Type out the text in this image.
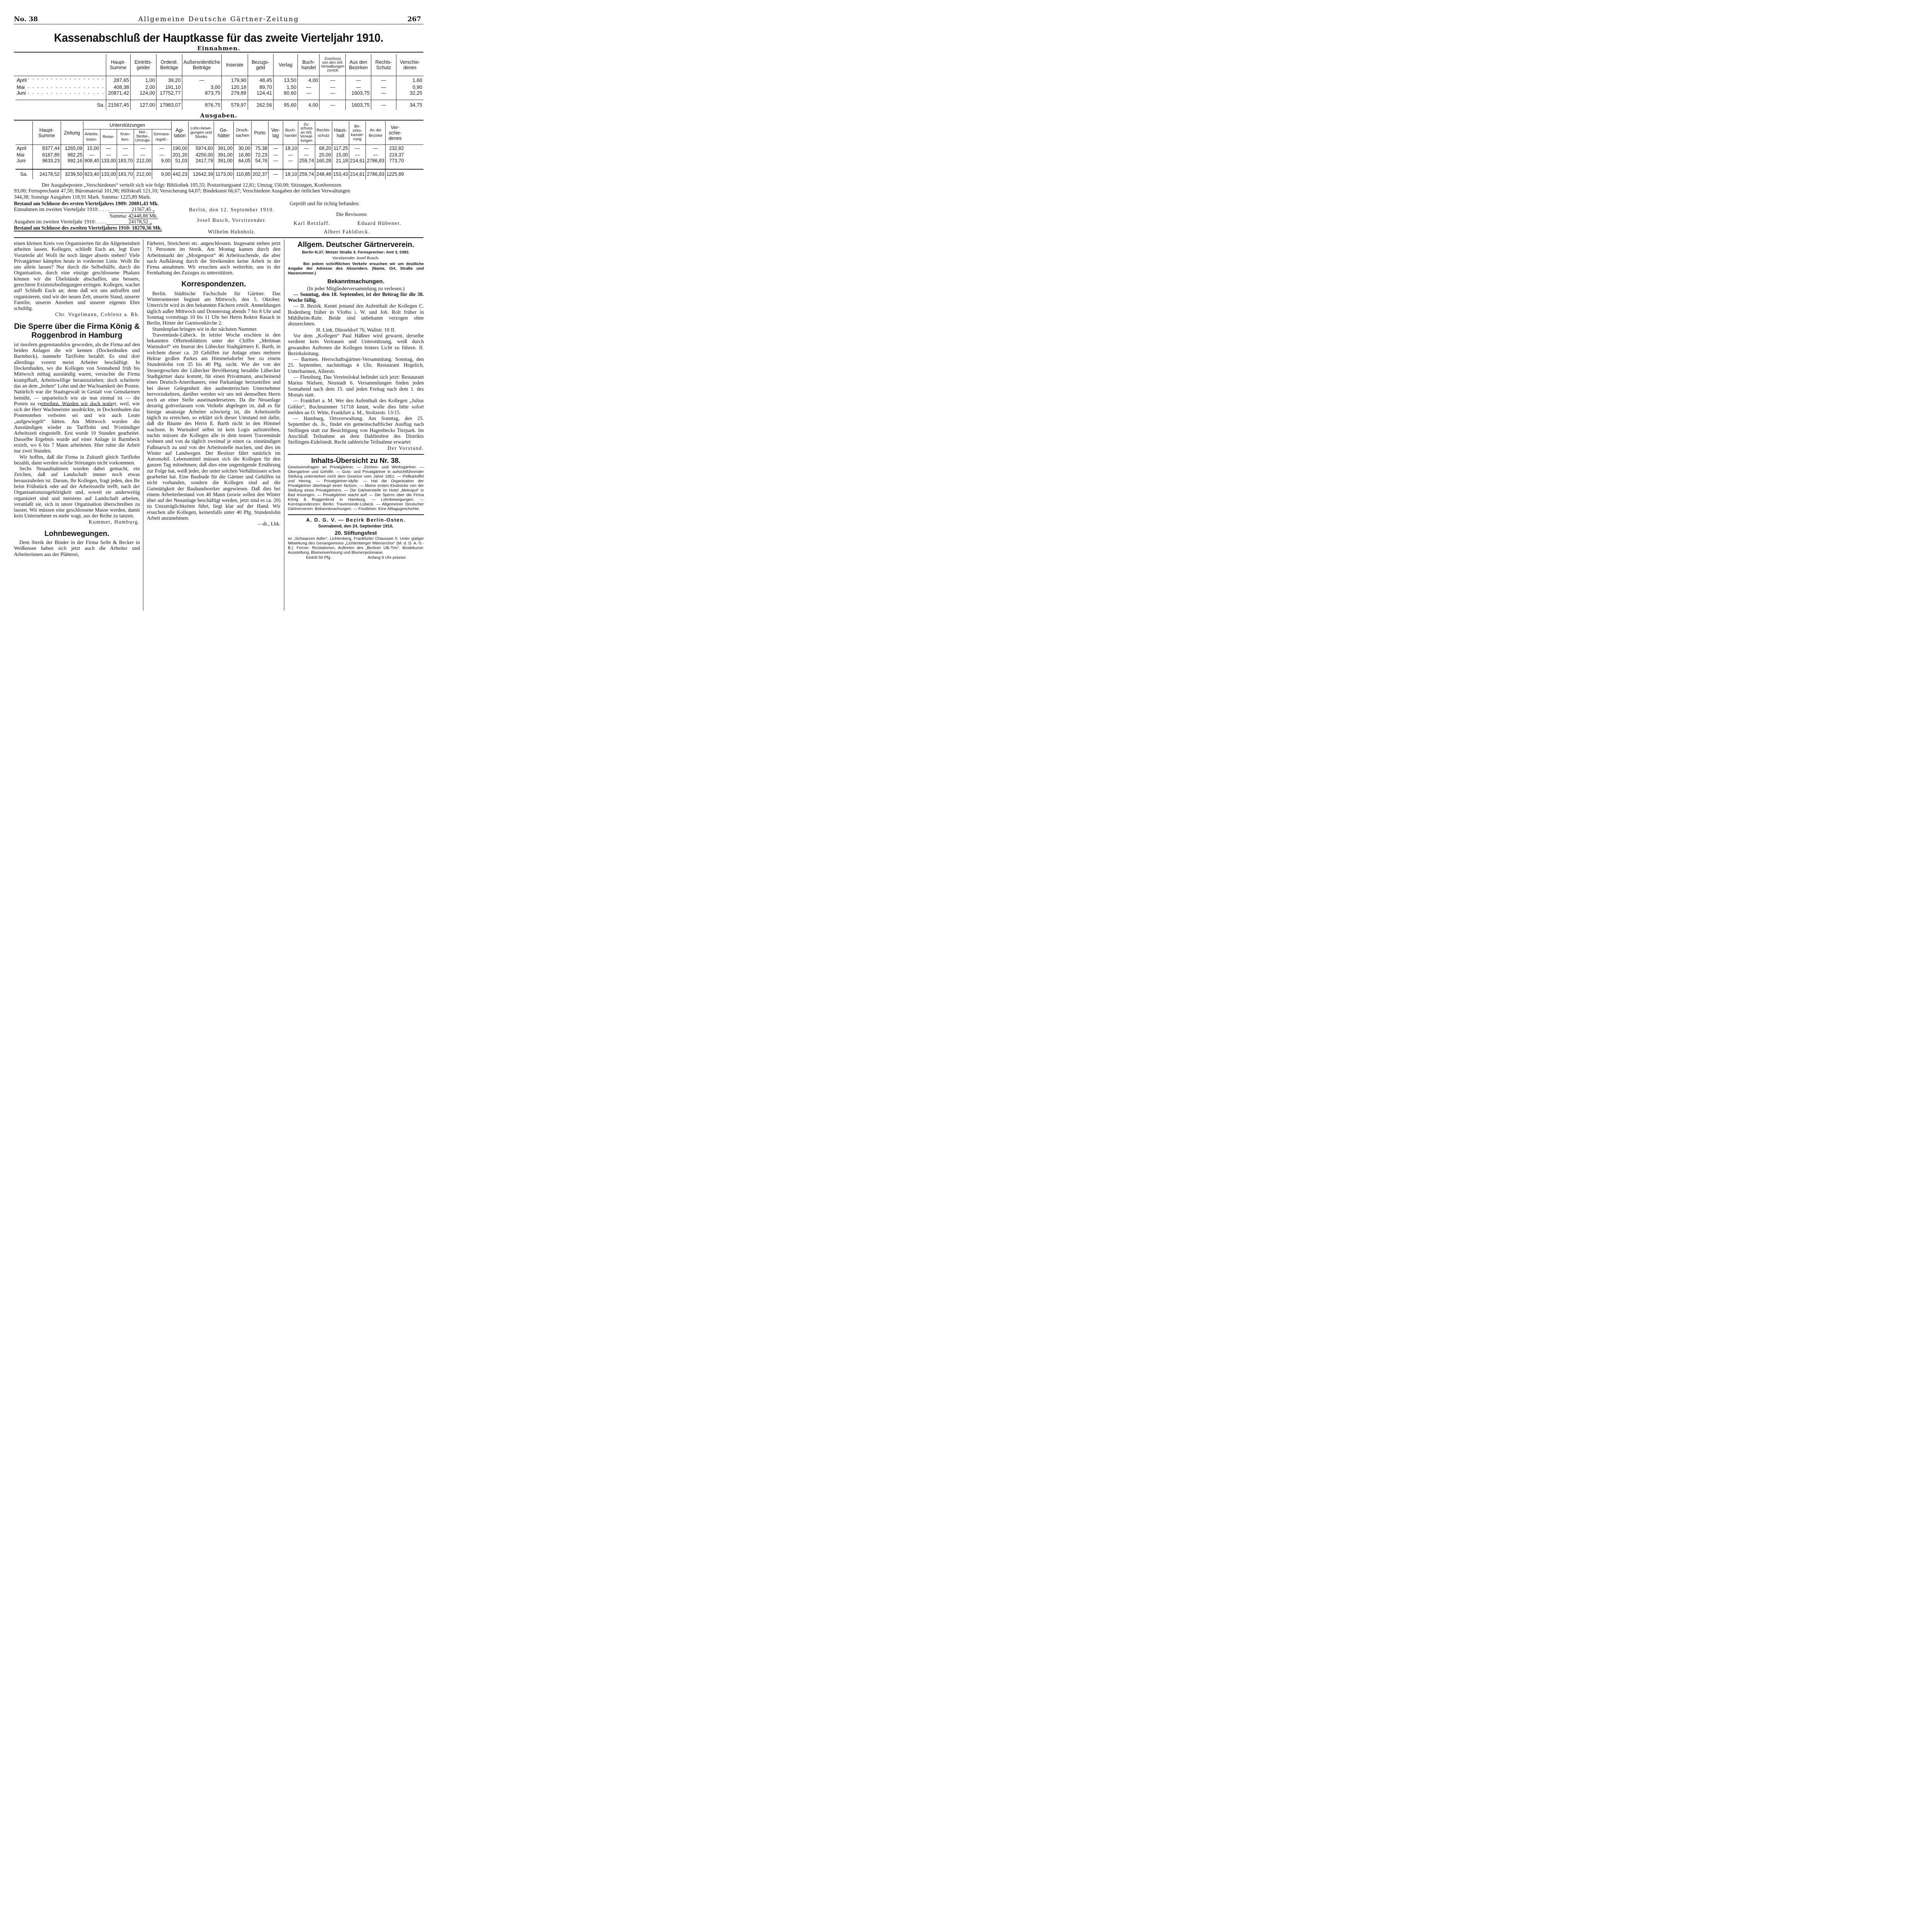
No. 38	Allgemeine Deutsche Gärtner-Zeitung	267
Kassenabschluß der Hauptkasse für das zweite Vierteljahr 1910.
Einnahmen.
	Haupt-Summe	Eintritts-gelder	Ordentl. Beiträge	Außerordentliche Beiträge	Inserate	Bezugs-geld	Verlag	Buch-handel	Zuschuss von den örtl. Verwaltungen zurück	Aus den Bezirken	Rechts-Schutz	Verschie-denes
April	287,65	1,00	39,20	—	179,90	48,45	13,50	4,00	—	—	—	1,60
Mai	408,38	2,00	191,10	3,00	120,18	89,70	1,50	—	—	—	—	0,90
Juni	20871,42	124,00	17752,77	873,75	279,89	124,41	80,60	—	—	1603,75	—	32,25

Sa.	21567,45	127,00	17983,07	876,75	579,97	262,56	95,60	4,00	—	1603,75	—	34,75
Ausgaben.
	Haupt-Summe	Zeitung	Unterstützungen					Agi-tation	Lohn-bewe-gungen und Streiks	Ge-hälter	Druck-sachen	Porto	Ver-lag	Buch-handel	Zu-schuss an örtl. Verwal-tungen	Rechts-schutz	Haus-halt	Be-zirks-kassie-rung	An die Bezirke	Ver-schie-denes
			Arbeits-losen-	Reise-	Kran-ken-	Not-, Sterbe-, Umzugs-	Gemass-regelt.-													
April	8377,44	1265,09	15,00	—	—	—	—	190,00	5974,60	391,00	30,00	75,38	—	18,10	—	68,20	117,25	—	—	232,82
Mai	6167,85	982,25	—	—	—	—	—	201,20	4250,00	391,00	16,80	72,23	—	—	—	20,00	15,00	—	—	219,37
Juni	9633,23	992,16	908,40	133,00	183,70	212,00	9,00	51,03	2417,79	391,00	64,05	54,76	—	—	259,74	160,28	21,18	214,61	2786,83	773,70

Sa.	24178,52	3239,50	923,40	133,00	183,70	212,00	9,00	442,23	12642,39	1173,00	110,85	202,37	—	18,10	259,74	248,48	153,43	214,61	2786,83	1225,89
Der Ausgabeposten „Verschiedenes“ verteilt sich wie folgt: Bibliothek 105,55; Postzeitungsamt 12,81; Umzug 150,00; Sitzungen, Konferenzen
93,00; Fernsprechamt 47,50; Büromaterial 101,90; Hilfskraft 121,10; Versicherung 64,07; Bindekunst 66,67; Verschiedene Ausgaben der örtlichen Verwaltungen
344,38; Sonstige Ausgaben 118,91 Mark. Summa: 1225,89 Mark.
Bestand am Schlusse des ersten Vierteljahres 1909: 20881,43 Mk.
Einnahmen im zweiten Vierteljahr 1910: . . . .	21567,45 „
Summa: 42448,88 Mk.
Ausgaben im zweiten Vierteljahr 1910: . . . .	24178,52 „
Bestand am Schlusse des zweiten Vierteljahres 1910: 18270,36 Mk.
Berlin, den 12. September 1910.
Josef Busch, Vorsitzender.
Wilhelm Huhnholz.
Geprüft und für richtig befunden:
Die Revisoren:
Karl Retzlaff.	Eduard Hübener.
Albert Fahldieck.

einen kleinen Kreis von Organisierten für die Allgemeinheit arbeiten lassen. Kollegen, schließt Euch an, legt Eure Vorurteile ab! Wollt ihr noch länger abseits stehen? Viele Privatgärtner kämpfen heute in vorderster Linie. Wollt Ihr uns allein lassen? Nur durch die Selbsthülfe, durch die Organisation, durch eine einzige geschlossene Phalanx können wir die Übelstände abschaffen, uns bessere, gerechtere Existenzbedingungen erringen. Kollegen, wachet auf! Schließt Euch an; denn daß wir uns aufraffen und organisieren, sind wir der neuen Zeit, unserm Stand, unserer Familie, unserm Ansehen und unserer eigenen Ehre schuldig.

Chr. Vogelmann, Coblenz a. Rh.
Die Sperre über die Firma König & Roggenbrod in Hamburg

ist insofern gegenstandslos geworden, als die Firma auf den beiden Anlagen die wir kennen (Dockenhuden und Barmbeck), nunmehr Tariflohn bezahlt. Es sind dort allerdings vorerst meist Arbeiter beschäftigt. In Dockenhuden, wo die Kollegen von Sonnabend früh bis Mittwoch mittag ausständig waren, versuchte die Firma krampfhaft, Arbeitswillige heranzuziehen; doch scheiterte das an dem „hohen“ Lohn und der Wachsamkeit der Posten. Natürlich war die Staatsgewalt in Gestalt von Gensdarmen bemüht, — unparteiisch wie sie nun einmal ist — die Posten zu vertreiben. Wurden wir doch notiert, weil, wie sich der Herr Wachmeister ausdrückte, in Dockenhuden das Postenstehen verboten sei und wir auch Leute „aufgewiegelt“ hätten. Am Mittwoch wurden die Ausständigen wieder zu Tariflohn und 9½stündiger Arbeitszeit eingestellt. Erst wurde 10 Stunden gearbeitet. Dasselbe Ergebnis wurde auf einer Anlage in Barmbeck erzielt, wo 6 bis 7 Mann arbeiteten. Hier ruhte die Arbeit nur zwei Stunden.

Wir hoffen, daß die Firma in Zukunft gleich Tariflohn bezahlt, dann werden solche Störungen nicht vorkommen.

Sechs Neuaufnahmen wurden dabei gemacht, ein Zeichen, daß auf Landschaft immer noch etwas herauszuholen ist. Darum, Ihr Kollegen, fragt jeden, den Ihr beim Frühstück oder auf der Arbeitsstelle trefft, nach der Organisationszugehörigkeit und, soweit sie anderweitig organisiert sind und meistens auf Landschaft arbeiten, veranlaßt sie, sich in unsre Organisation überschreiben zu lassen. Wir müssen eine geschlossene Masse werden, damit kein Unternehmer es mehr wagt, aus der Reihe zu tanzen.

Kummer, Hamburg.
Lohnbewegungen.

Dem Streik der Binder in der Firma Seibt & Becker in Weißensee haben sich jetzt auch die Arbeiter und Arbeiterinnen aus der Plätterei,

Färberei, Streicherei etc. angeschlossen. Insgesamt stehen jetzt 71 Personen im Streik. Am Montag kamen durch den Arbeitsmarkt der „Morgenpost“ 46 Arbeitsuchende, die aber nach Aufklärung durch die Streikenden keine Arbeit in der Firma annahmen. Wir ersuchen auch weiterhin, uns in der Fernhaltung des Zuzuges zu unterstützen.

Korrespondenzen.

Berlin. Städtische Fachschule für Gärtner. Das Wintersemester beginnt am Mittwoch, den 5. Oktober. Unterricht wird in den bekannten Fächern erteilt. Anmeldungen täglich außer Mittwoch und Donnerstag abends 7 bis 8 Uhr und Sonntag vormittags 10 bis 11 Uhr bei Herrn Rektor Rasack in Berlin, Hinter der Garnisonkirche 2.

Stundenplan bringen wir in der nächsten Nummer.

Travemünde-Lübeck. In letzter Woche erschien in den bekannten Offertenblättern unter der Chiffre „Mettman Warnsdorf“ ein Inserat des Lübecker Stadtgärtners E. Barth, in welchem dieser ca. 20 Gehilfen zur Anlage eines mehrere Hektar großen Parkes am Himmelsdorfer See zu einem Stundenlohn von 35 bis 40 Pfg. sucht. Wie der von der Steuergroschen der Lübecker Bevölkerung bezahlte Lübecker Stadtgärtner dazu kommt, für einen Privatmann, anscheinend eines Deutsch-Amerikaners, eine Parkanlage herzustellen und bei dieser Gelegenheit den ausbeuterischen Unternehmer hervorzukehren, darüber werden wir uns mit demselben Herrn noch an einer Stelle auseinandersetzen. Da die Neuanlage derartig gottverlassen vom Verkehr abgelegen ist, daß es für hiesige ansässige Arbeiter schwierig ist, die Arbeitsstelle täglich zu erreichen, so erklärt sich dieser Umstand mit dafür, daß die Bäume des Herrn E. Barth nicht in den Himmel wachsen. In Warnsdorf selbst ist kein Logis aufzutreiben, nachts müssen die Kollegen alle in dem teuren Travemünde wohnen und von da täglich zweimal je einen ca. einstündigen Fußmarsch zu und von der Arbeitsstelle machen, und dies im Winter auf Landwegen. Der Besitzer fährt natürlich im Automobil. Lebensmittel müssen sich die Kollegen für den ganzen Tag mitnehmen; daß dies eine ungenügende Ernährung zur Folge hat, weiß jeder, der unter solchen Verhältnissen schon gearbeitet hat. Eine Baubude für die Gärtner und Gehilfen ist nicht vorhanden, sondern die Kollegen sind auf die Gutmütigkeit der Bauhandwerker angewiesen. Daß dies bei einem Arbeiterbestand von 40 Mann (sowie sollen den Winter über auf der Neuanlage beschäftigt werden, jetzt sind es ca. 20) zu Unzuträglichkeiten führt, liegt klar auf der Hand. Wir ersuchen alle Kollegen, keinenfalls unter 40 Pfg. Stundenlohn Arbeit anzunehmen.

—dt., Lbk.
Allgem. Deutscher Gärtnerverein.
Berlin N.37, Metzer Straße 3. Fernsprecher: Amt 3, 5382.
Vorsitzender Josef Busch.
Bei jedem schriftlichen Verkehr ersuchen wir um deutliche Angabe der Adresse des Absenders. (Name, Ort, Straße und Hausnummer.)
Bekanntmachungen.
(In jeder Mitgliederversammlung zu verlesen.)

— Sonntag, den 18. September, ist der Beitrag für die 38. Woche fällig.

— II. Bezirk. Kennt jemand den Aufenthalt der Kollegen C. Bodenberg früher in Vlotho i. W. und Joh. Rolt früher in Mühlheim-Ruhr. Beide sind unbekannt verzogen ohne abzurechnen.

H. Link, Düsseldorf 76, Wallstr. 10 II.

Vor dem „Kollegen“ Paul Häßner wird gewarnt, derselbe verdient kein Vertrauen und Unterstützung, weiß durch gewandtes Auftreten die Kollegen hinters Licht zu führen. II. Bezirksleitung.

— Barmen. Herrschaftsgärtner-Versammlung. Sonntag, den 25. September, nachmittags 4 Uhr, Restaurant Hegelich, Unterbarmen, Alleestr.

— Flensburg. Das Vereinslokal befindet sich jetzt: Restaurant Marius Nielsen, Neustadt 6. Versammlungen finden jeden Sonnabend nach dem 15. und jeden Freitag nach dem 1. des Monats statt.

— Frankfurt a. M. Wer den Aufenthalt des Kollegen „Julius Göhler“, Buchnummer 51718 kennt, wolle dies bitte sofort melden an O. Witte, Frankfurt a. M., Stoltzestr. 13/15.

— Hamburg, Ortsverwaltung. Am Sonntag, den 25. September ds. Js., findet ein gemeinschaftlicher Ausflug nach Stellingen statt zur Besichtigung von Hagenbecks Tierpark. Im Anschluß Teilnahme an dem Dahlienfest des Distrikts Stellingen-Eidelstedt. Recht zahlreiche Teilnahme erwartet

Der Vorstand.
Inhalts-Übersicht zu Nr. 38.
Gewissensfragen an Privatgärtner. — Zechen- und Werksgärtner. — Obergärtner und Gehilfe. — Guts- und Privatgärtner in aufsichtführender Stellung unterstehen nicht dem Gesetze vom Jahre 1851. — Pellkartoffel und Hering. — Privatgärtner-Idylle. — Hat die Organisation der Privatgärtner überhaupt einen Nutzen. — Meine ersten Eindrücke von der Stellung eines Privatgärtners. — Die Gärtnerstelle im Hotel „Metropol“ in Bad Kissingen. — Privatgärtner wacht auf! — Die Sperre über die Firma König & Roggenbrod in Hamburg. — Lohnbewegungen. — Korrespondenzen: Berlin; Travemünde-Lübeck. — Allgemeiner Deutscher Gärtnerverein: Bekanntmachungen. — Feuilleton: Eine Alltagsgeschichte.
A. D. G. V. — Bezirk Berlin-Osten.
Sonnabend, den 24. September 1910,
20. Stiftungsfest
im „Schwarzen Adler“, Lichtenberg, Frankfurter Chaussee 5. Unter gütiger Mitwirkung des Gesangvereins „Lichtenberger Männerchor“ (M. d. D. A.-S.-B.). Ferner: Rezitationen, Auftreten des „Berliner Ulk-Trio“. Bindekunst-Ausstellung, Blumenverlosung und Blumenpolonaise.
Eintritt 50 Pfg.	Anfang 9 Uhr präzise
